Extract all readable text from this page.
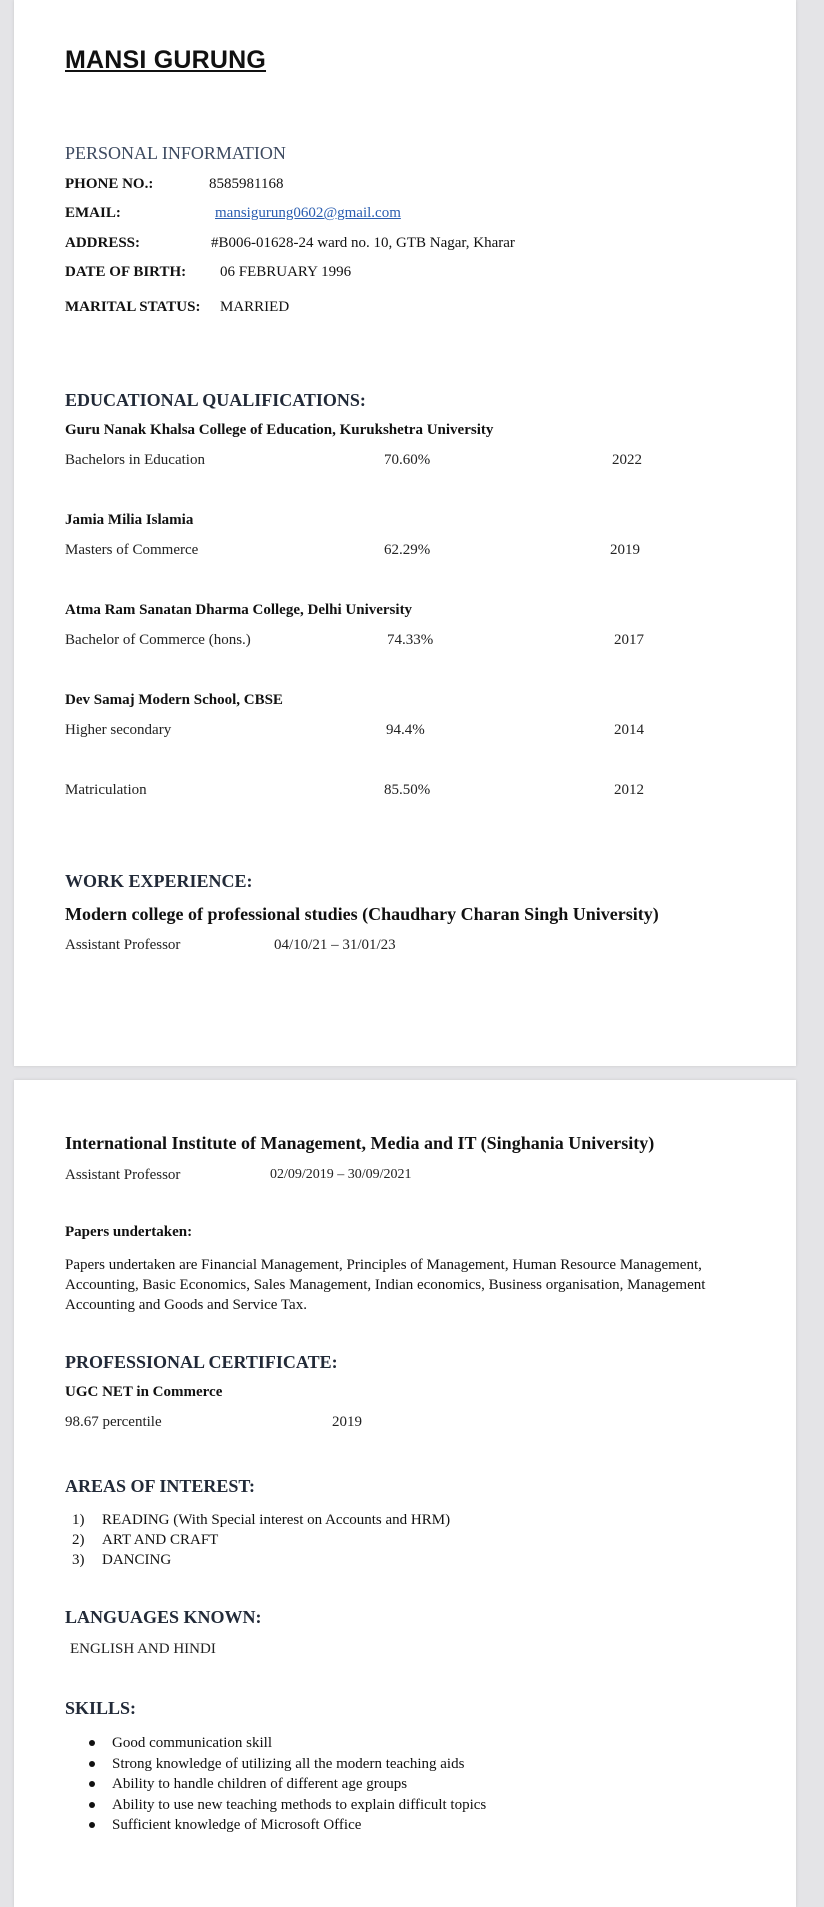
MANSI GURUNG
PERSONAL INFORMATION
PHONE NO.:	8585981168
EMAIL:	mansigurung0602@gmail.com
ADDRESS:	#B006-01628-24 ward no. 10, GTB Nagar, Kharar
DATE OF BIRTH: 06 FEBRUARY 1996
MARITAL STATUS: MARRIED
EDUCATIONAL QUALIFICATIONS:
Guru Nanak Khalsa College of Education, Kurukshetra University
Bachelors in Education	70.60%	2022
Jamia Milia Islamia
Masters of Commerce	62.29%	2019
Atma Ram Sanatan Dharma College, Delhi University
Bachelor of Commerce (hons.)	74.33%	2017
Dev Samaj Modern School, CBSE
Higher secondary	94.4%	2014
Matriculation	85.50%	2012
WORK EXPERIENCE:
Modern college of professional studies (Chaudhary Charan Singh University)
Assistant Professor	04/10/21 – 31/01/23
International Institute of Management, Media and IT (Singhania University)
Assistant Professor	02/09/2019 – 30/09/2021
Papers undertaken:
Papers undertaken are Financial Management, Principles of Management, Human Resource Management, Accounting, Basic Economics, Sales Management, Indian economics, Business organisation, Management Accounting and Goods and Service Tax.
PROFESSIONAL CERTIFICATE:
UGC NET in Commerce
98.67 percentile	2019
AREAS OF INTEREST:
1) READING (With Special interest on Accounts and HRM)
2) ART AND CRAFT
3) DANCING
LANGUAGES KNOWN:
ENGLISH AND HINDI
SKILLS:
Good communication skill
Strong knowledge of utilizing all the modern teaching aids
Ability to handle children of different age groups
Ability to use new teaching methods to explain difficult topics
Sufficient knowledge of Microsoft Office
